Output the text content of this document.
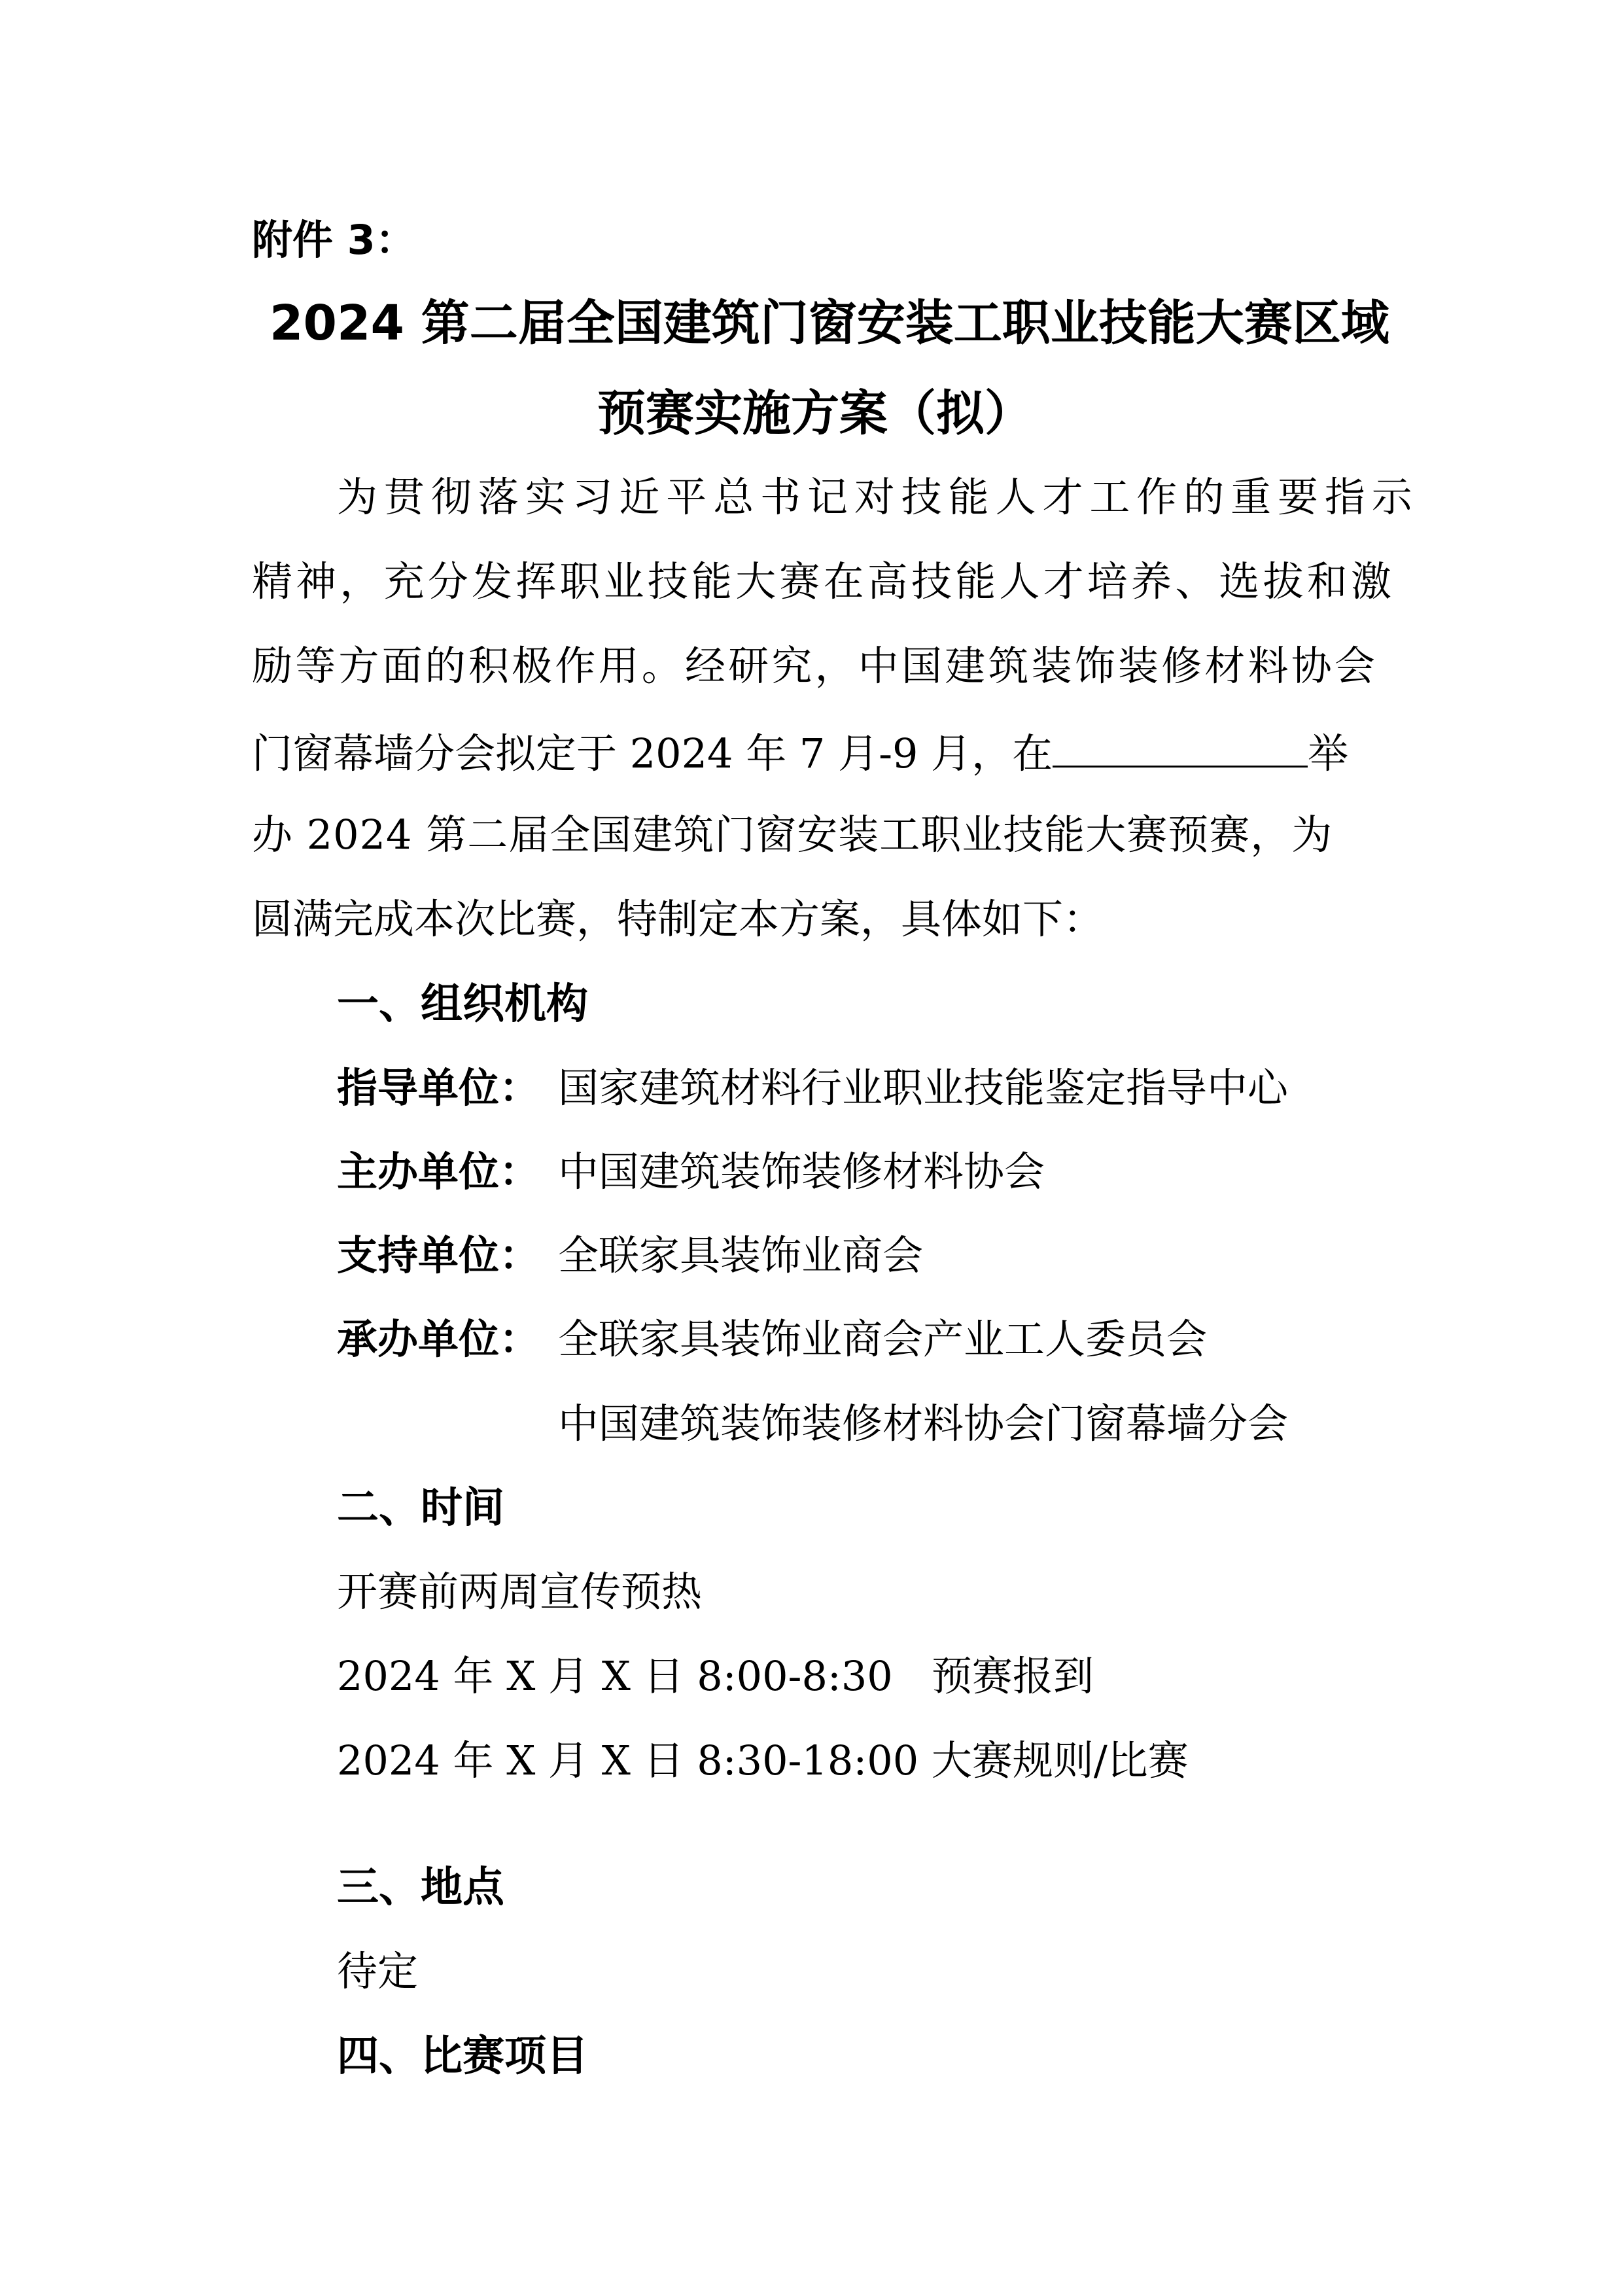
附件 3：
2024 第二届全国建筑门窗安装工职业技能大赛区域
预赛实施方案（拟）
为贯彻落实习近平总书记对技能人才工作的重要指示
精神，充分发挥职业技能大赛在高技能人才培养、选拔和激
励等方面的积极作用。经研究，中国建筑装饰装修材料协会
门窗幕墙分会拟定于 2024 年 7 月-9 月，在	举
办 2024 第二届全国建筑门窗安装工职业技能大赛预赛，为
圆满完成本次比赛，特制定本方案，具体如下：
一、组织机构
指导单位： 国家建筑材料行业职业技能鉴定指导中心
主办单位： 中国建筑装饰装修材料协会
支持单位： 全联家具装饰业商会
承办单位： 全联家具装饰业商会产业工人委员会
中国建筑装饰装修材料协会门窗幕墙分会
二、时间
开赛前两周宣传预热
2024 年 X 月 X 日 8:00-8:30   预赛报到
2024 年 X 月 X 日 8:30-18:00 大赛规则/比赛
三、地点
待定
四、比赛项目
